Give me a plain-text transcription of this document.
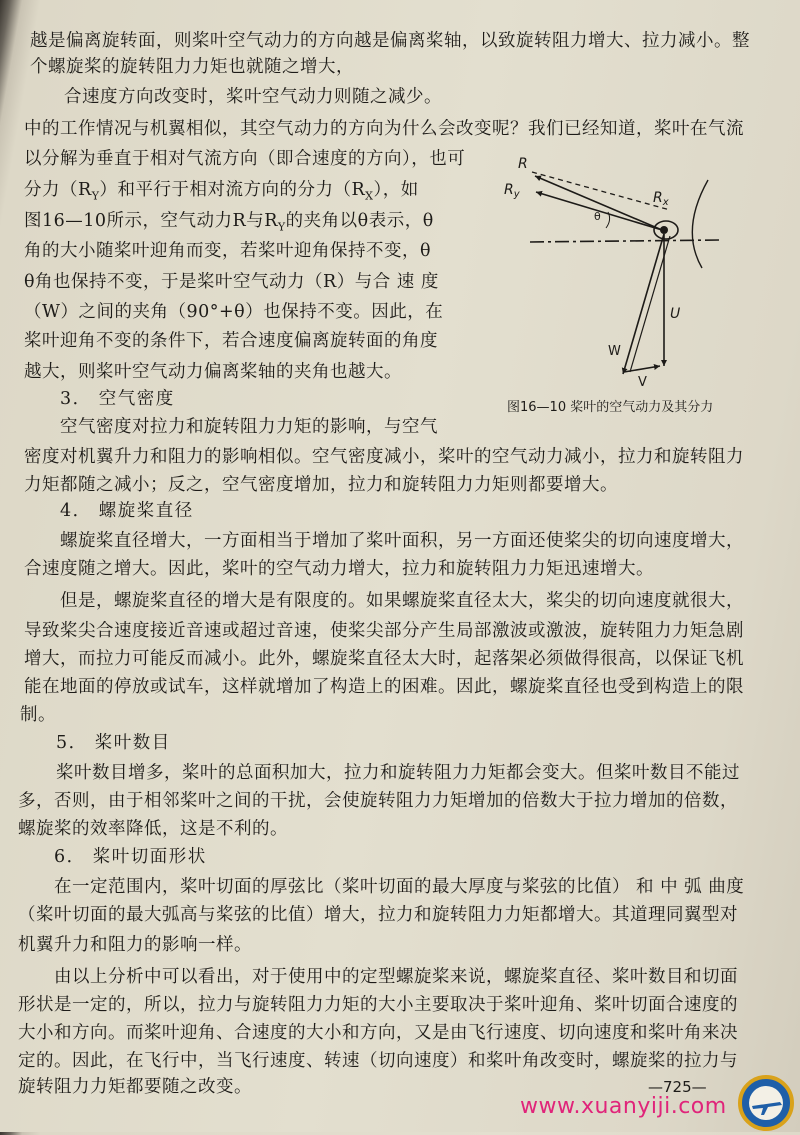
越是偏离旋转面，则桨叶空气动力的方向越是偏离桨轴，以致旋转阻力增大、拉力减小。整
个螺旋桨的旋转阻力力矩也就随之增大，
合速度方向改变时，桨叶空气动力则随之减少。
中的工作情况与机翼相似，其空气动力的方向为什么会改变呢？我们已经知道，桨叶在气流
以分解为垂直于相对气流方向（即合速度的方向），也可
分力$(R_Y)$和平行于相对流方向的分力$(R_X)$，如
图16—10所示，空气动力R与$R_Y$的夹角以θ表示，θ
角的大小随桨叶迎角而变，若桨叶迎角保持不变，θ
θ角也保持不变，于是桨叶空气动力（R）与合 速 度
（W）之间的夹角（90°+θ）也保持不变。因此，在
桨叶迎角不变的条件下，若合速度偏离旋转面的角度
越大，则桨叶空气动力偏离桨轴的夹角也越大。
3． 空气密度
空气密度对拉力和旋转阻力力矩的影响，与空气
密度对机翼升力和阻力的影响相似。空气密度减小，桨叶的空气动力减小，拉力和旋转阻力
力矩都随之减小；反之，空气密度增加，拉力和旋转阻力力矩则都要增大。
4． 螺旋桨直径
螺旋桨直径增大，一方面相当于增加了桨叶面积，另一方面还使桨尖的切向速度增大，
合速度随之增大。因此，桨叶的空气动力增大，拉力和旋转阻力力矩迅速增大。
但是，螺旋桨直径的增大是有限度的。如果螺旋桨直径太大，桨尖的切向速度就很大，
导致桨尖合速度接近音速或超过音速，使桨尖部分产生局部激波或激波，旋转阻力力矩急剧
增大，而拉力可能反而减小。此外，螺旋桨直径太大时，起落架必须做得很高，以保证飞机
能在地面的停放或试车，这样就增加了构造上的困难。因此，螺旋桨直径也受到构造上的限
制。
5． 桨叶数目
桨叶数目增多，桨叶的总面积加大，拉力和旋转阻力力矩都会变大。但桨叶数目不能过
多，否则，由于相邻桨叶之间的干扰，会使旋转阻力力矩增加的倍数大于拉力增加的倍数，
螺旋桨的效率降低，这是不利的。
6． 桨叶切面形状
在一定范围内，桨叶切面的厚弦比（桨叶切面的最大厚度与桨弦的比值） 和 中 弧 曲度
（桨叶切面的最大弧高与桨弦的比值）增大，拉力和旋转阻力力矩都增大。其道理同翼型对
机翼升力和阻力的影响一样。
由以上分析中可以看出，对于使用中的定型螺旋桨来说，螺旋桨直径、桨叶数目和切面
形状是一定的，所以，拉力与旋转阻力力矩的大小主要取决于桨叶迎角、桨叶切面合速度的
大小和方向。而桨叶迎角、合速度的大小和方向，又是由飞行速度、切向速度和桨叶角来决
定的。因此，在飞行中，当飞行速度、转速（切向速度）和桨叶角改变时，螺旋桨的拉力与
旋转阻力力矩都要随之改变。
R
$R_y$	$R_x$
θ
U
W
V
图16—10 桨叶的空气动力及其分力
—725—
www.xuanyiji.com
